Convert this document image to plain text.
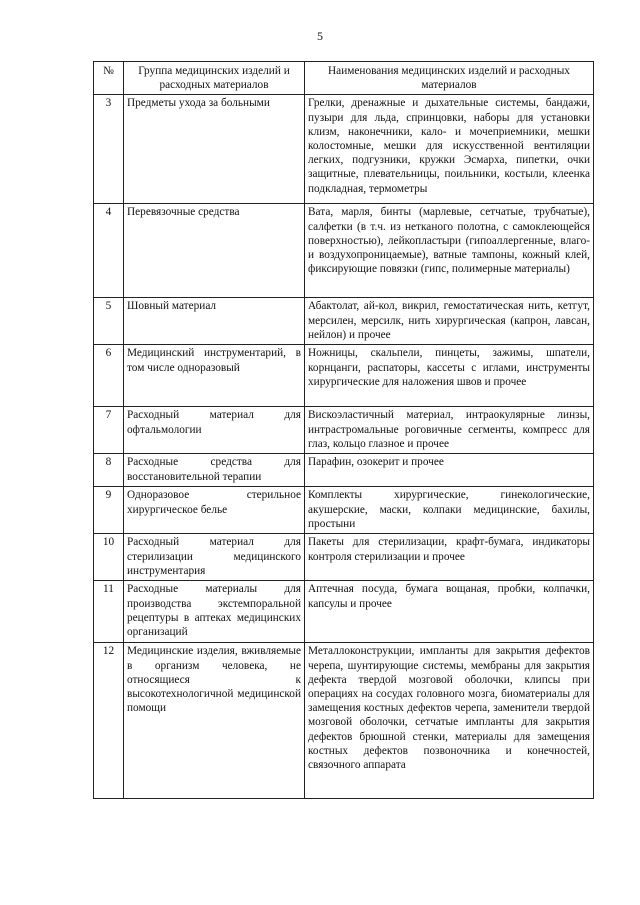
5
№	Группа медицинских изделий и расходных материалов	Наименования медицинских изделий и расходных материалов
3	Предметы ухода за больными	Грелки, дренажные и дыхательные системы, бандажи, пузыри для льда, спринцовки, наборы для установки клизм, наконечники, кало- и мочеприемники, мешки колостомные, мешки для искусственной вентиляции легких, подгузники, кружки Эсмарха, пипетки, очки защитные, плевательницы, поильники, костыли, клеенка подкладная, термометры
4	Перевязочные средства	Вата, марля, бинты (марлевые, сетчатые, трубчатые), салфетки (в т.ч. из нетканого полотна, с самоклеющейся поверхностью), лейкопластыри (гипоаллергенные, влаго- и воздухопроницаемые), ватные тампоны, кожный клей, фиксирующие повязки (гипс, полимерные материалы)
5	Шовный материал	Абактолат, ай-кол, викрил, гемостатическая нить, кетгут, мерсилен, мерсилк, нить хирургическая (капрон, лавсан, нейлон) и прочее
6	Медицинский инструментарий, в том числе одноразовый	Ножницы, скальпели, пинцеты, зажимы, шпатели, корнцанги, распаторы, кассеты с иглами, инструменты хирургические для наложения швов и прочее
7	Расходный материал для офтальмологии	Вискоэластичный материал, интраокулярные линзы, интрастромальные роговичные сегменты, компресс для глаз, кольцо глазное и прочее
8	Расходные средства для восстановительной терапии	Парафин, озокерит и прочее
9	Одноразовое стерильное хирургическое белье	Комплекты хирургические, гинекологические, акушерские, маски, колпаки медицинские, бахилы, простыни
10	Расходный материал для стерилизации медицинского инструментария	Пакеты для стерилизации, крафт-бумага, индикаторы контроля стерилизации и прочее
11	Расходные материалы для производства экстемпоральной рецептуры в аптеках медицинских организаций	Аптечная посуда, бумага вощаная, пробки, колпачки, капсулы и прочее
12	Медицинские изделия, вживляемые в организм человека, не относящиеся к высокотехнологичной медицинской помощи	Металлоконструкции, импланты для закрытия дефектов черепа, шунтирующие системы, мембраны для закрытия дефекта твердой мозговой оболочки, клипсы при операциях на сосудах головного мозга, биоматериалы для замещения костных дефектов черепа, заменители твердой мозговой оболочки, сетчатые импланты для закрытия дефектов брюшной стенки, материалы для замещения костных дефектов позвоночника и конечностей, связочного аппарата
